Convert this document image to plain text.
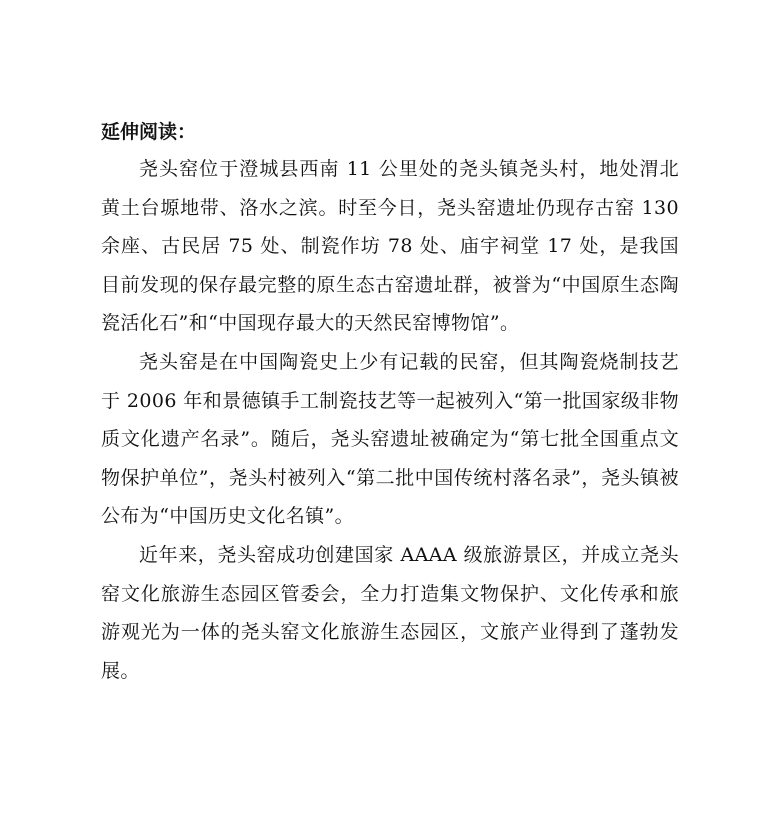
延伸阅读：

尧头窑位于澄城县西南 11 公里处的尧头镇尧头村，地处渭北黄土台塬地带、洛水之滨。时至今日，尧头窑遗址仍现存古窑 130 余座、古民居 75 处、制瓷作坊 78 处、庙宇祠堂 17 处，是我国目前发现的保存最完整的原生态古窑遗址群，被誉为“中国原生态陶瓷活化石”和“中国现存最大的天然民窑博物馆”。

尧头窑是在中国陶瓷史上少有记载的民窑，但其陶瓷烧制技艺于 2006 年和景德镇手工制瓷技艺等一起被列入“第一批国家级非物质文化遗产名录”。随后，尧头窑遗址被确定为“第七批全国重点文物保护单位”，尧头村被列入“第二批中国传统村落名录”，尧头镇被公布为“中国历史文化名镇”。

近年来，尧头窑成功创建国家 AAAA 级旅游景区，并成立尧头窑文化旅游生态园区管委会，全力打造集文物保护、文化传承和旅游观光为一体的尧头窑文化旅游生态园区，文旅产业得到了蓬勃发展。
